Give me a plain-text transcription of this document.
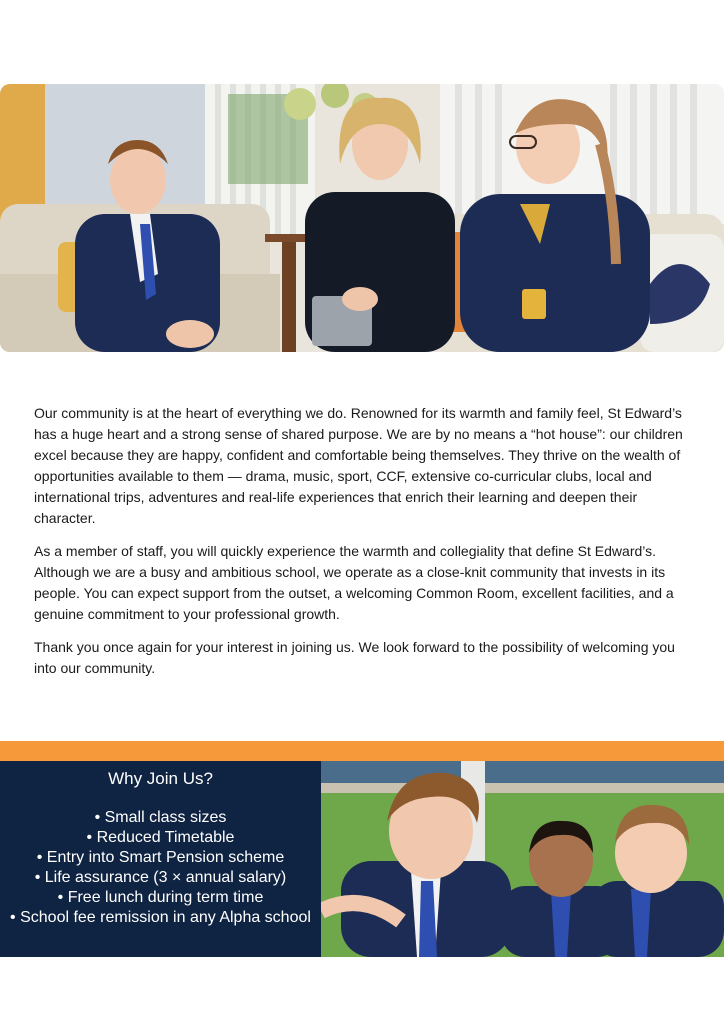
Our community is at the heart of everything we do. Renowned for its warmth and family feel, St Edward’s has a huge heart and a strong sense of shared purpose. We are by no means a “hot house”: our children excel because they are happy, confident and comfortable being themselves. They thrive on the wealth of opportunities available to them — drama, music, sport, CCF, extensive co-curricular clubs, local and international trips, adventures and real-life experiences that enrich their learning and deepen their character.

As a member of staff, you will quickly experience the warmth and collegiality that define St Edward’s. Although we are a busy and ambitious school, we operate as a close-knit community that invests in its people. You can expect support from the outset, a welcoming Common Room, excellent facilities, and a genuine commitment to your professional growth.

Thank you once again for your interest in joining us. We look forward to the possibility of welcoming you into our community.

Why Join Us?
• Small class sizes
• Reduced Timetable
• Entry into Smart Pension scheme
• Life assurance (3 × annual salary)
• Free lunch during term time
• School fee remission in any Alpha school
